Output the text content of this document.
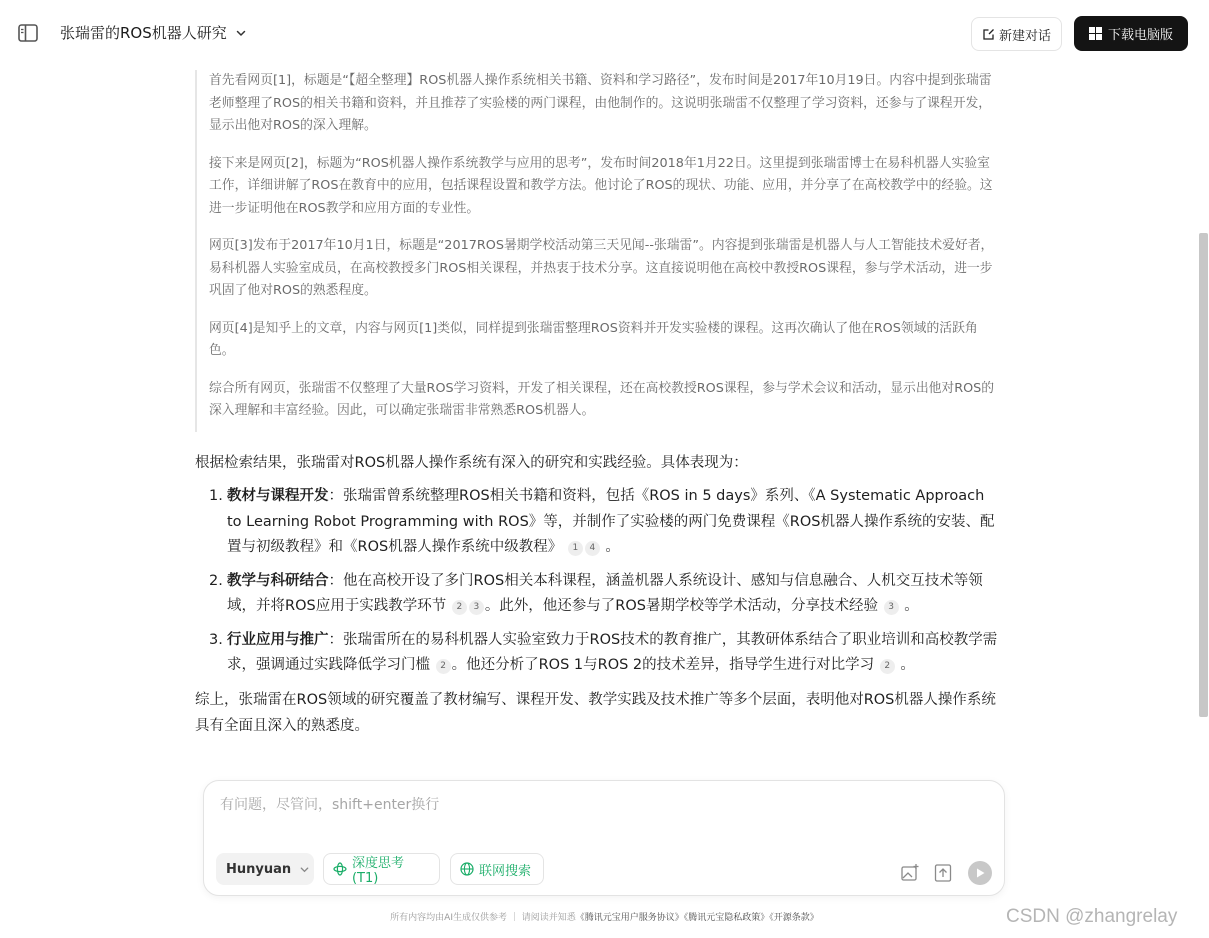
张瑞雷的ROS机器人研究	新建对话	下载电脑版

首先看网页[1]，标题是“【超全整理】ROS机器人操作系统相关书籍、资料和学习路径”，发布时间是2017年10月19日。内容中提到张瑞雷老师整理了ROS的相关书籍和资料，并且推荐了实验楼的两门课程，由他制作的。这说明张瑞雷不仅整理了学习资料，还参与了课程开发，显示出他对ROS的深入理解。

接下来是网页[2]，标题为“ROS机器人操作系统教学与应用的思考”，发布时间2018年1月22日。这里提到张瑞雷博士在易科机器人实验室工作，详细讲解了ROS在教育中的应用，包括课程设置和教学方法。他讨论了ROS的现状、功能、应用，并分享了在高校教学中的经验。这进一步证明他在ROS教学和应用方面的专业性。

网页[3]发布于2017年10月1日，标题是“2017ROS暑期学校活动第三天见闻--张瑞雷”。内容提到张瑞雷是机器人与人工智能技术爱好者，易科机器人实验室成员，在高校教授多门ROS相关课程，并热衷于技术分享。这直接说明他在高校中教授ROS课程，参与学术活动，进一步巩固了他对ROS的熟悉程度。

网页[4]是知乎上的文章，内容与网页[1]类似，同样提到张瑞雷整理ROS资料并开发实验楼的课程。这再次确认了他在ROS领域的活跃角色。

综合所有网页，张瑞雷不仅整理了大量ROS学习资料，开发了相关课程，还在高校教授ROS课程，参与学术会议和活动，显示出他对ROS的深入理解和丰富经验。因此，可以确定张瑞雷非常熟悉ROS机器人。

根据检索结果，张瑞雷对ROS机器人操作系统有深入的研究和实践经验。具体表现为：
1. 教材与课程开发：张瑞雷曾系统整理ROS相关书籍和资料，包括《ROS in 5 days》系列、《A Systematic Approach to Learning Robot Programming with ROS》等，并制作了实验楼的两门免费课程《ROS机器人操作系统的安装、配置与初级教程》和《ROS机器人操作系统中级教程》 1 4 。
2. 教学与科研结合：他在高校开设了多门ROS相关本科课程，涵盖机器人系统设计、感知与信息融合、人机交互技术等领域，并将ROS应用于实践教学环节 2 3 。此外，他还参与了ROS暑期学校等学术活动，分享技术经验 3 。
3. 行业应用与推广：张瑞雷所在的易科机器人实验室致力于ROS技术的教育推广，其教研体系结合了职业培训和高校教学需求，强调通过实践降低学习门槛 2 。他还分析了ROS 1与ROS 2的技术差异，指导学生进行对比学习 2 。
综上，张瑞雷在ROS领域的研究覆盖了教材编写、课程开发、教学实践及技术推广等多个层面，表明他对ROS机器人操作系统具有全面且深入的熟悉度。
有问题，尽管问，shift+enter换行
Hunyuan	深度思考(T1)	联网搜索
所有内容均由AI生成仅供参考 ｜ 请阅读并知悉《腾讯元宝用户服务协议》《腾讯元宝隐私政策》《开源条款》	CSDN @zhangrelay
